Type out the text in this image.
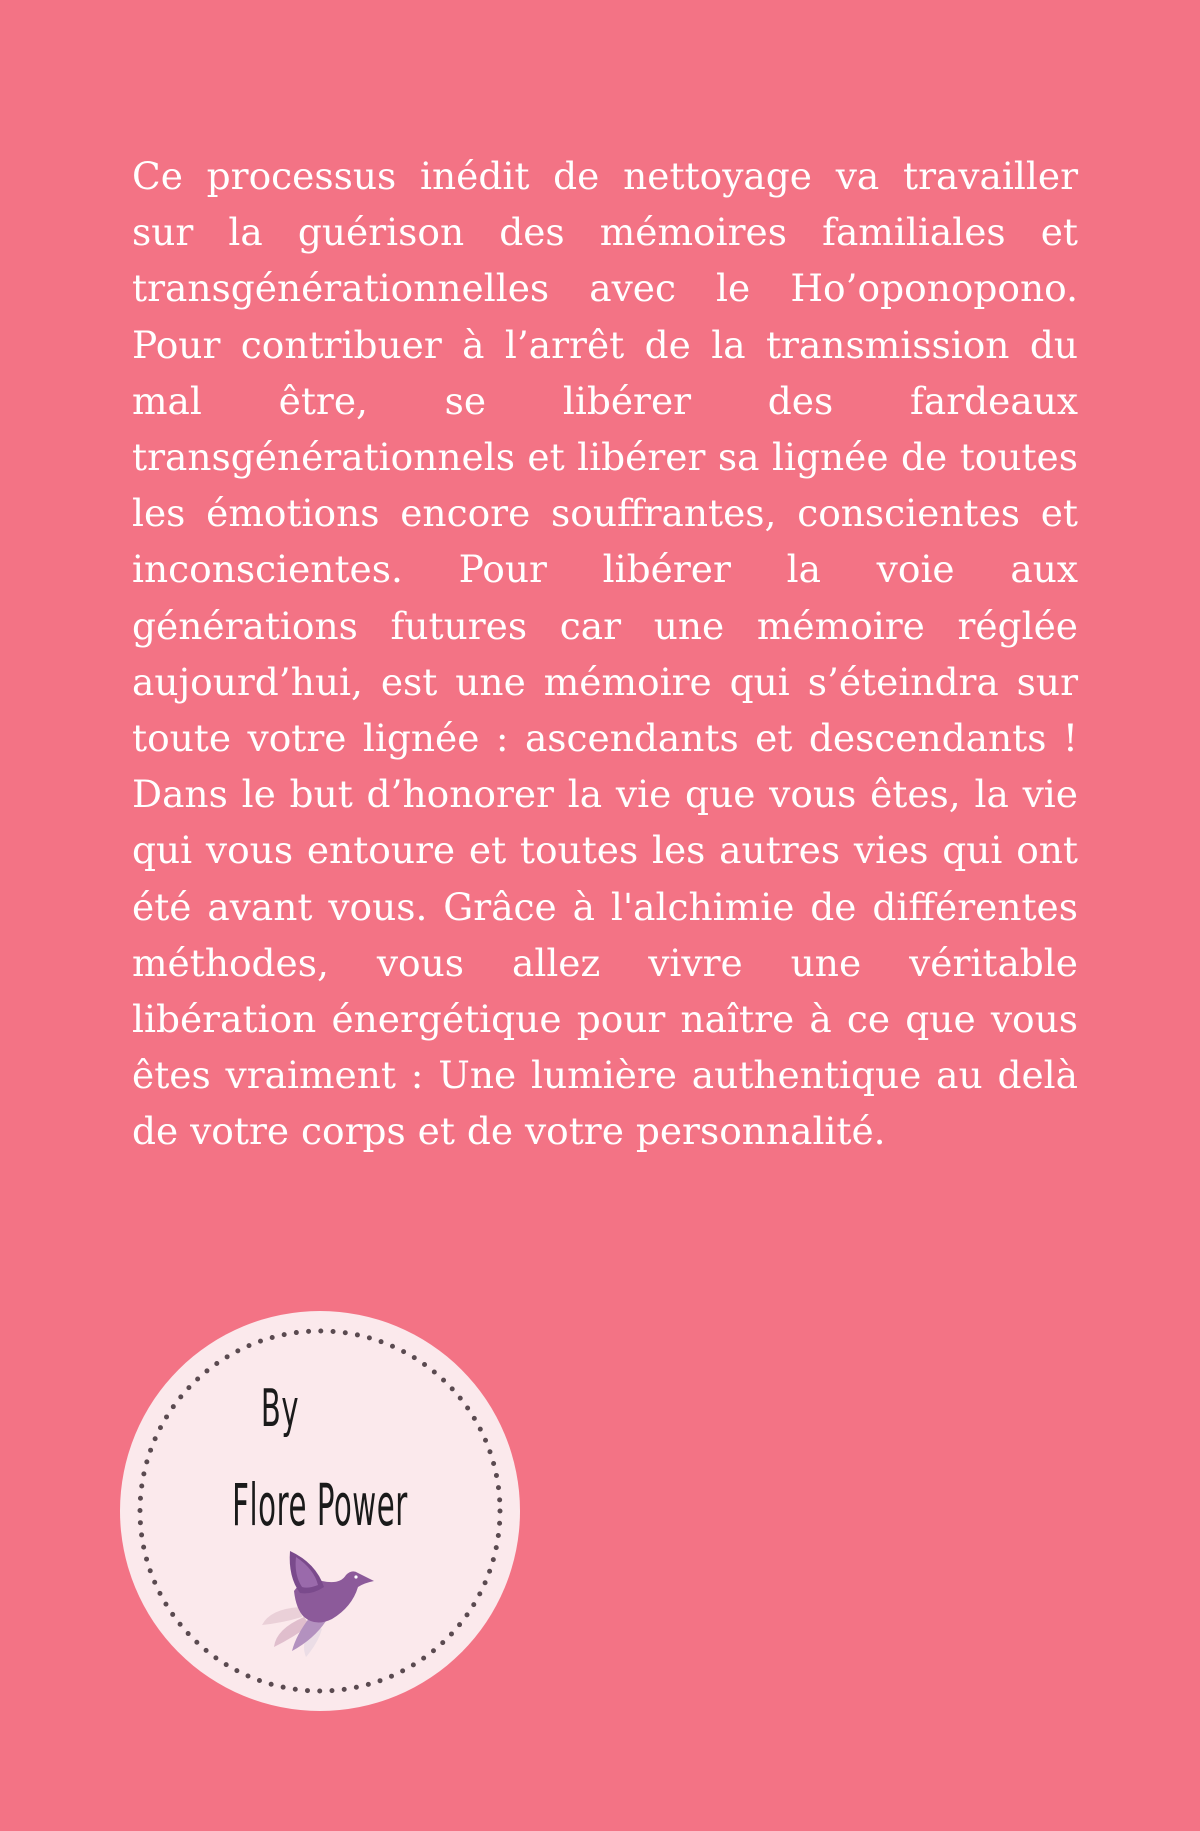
Ce processus inédit de nettoyage va travailler sur la guérison des mémoires familiales et transgénérationnelles avec le Ho’oponopono. Pour contribuer à l’arrêt de la transmission du mal être, se libérer des fardeaux transgénérationnels et libérer sa lignée de toutes les émotions encore souffrantes, conscientes et inconscientes. Pour libérer la voie aux générations futures car une mémoire réglée aujourd’hui, est une mémoire qui s’éteindra sur toute votre lignée : ascendants et descendants ! Dans le but d’honorer la vie que vous êtes, la vie qui vous entoure et toutes les autres vies qui ont été avant vous. Grâce à l'alchimie de différentes méthodes, vous allez vivre une véritable libération énergétique pour naître à ce que vous êtes vraiment : Une lumière authentique au delà de votre corps et de votre personnalité.

By
Flore Power
